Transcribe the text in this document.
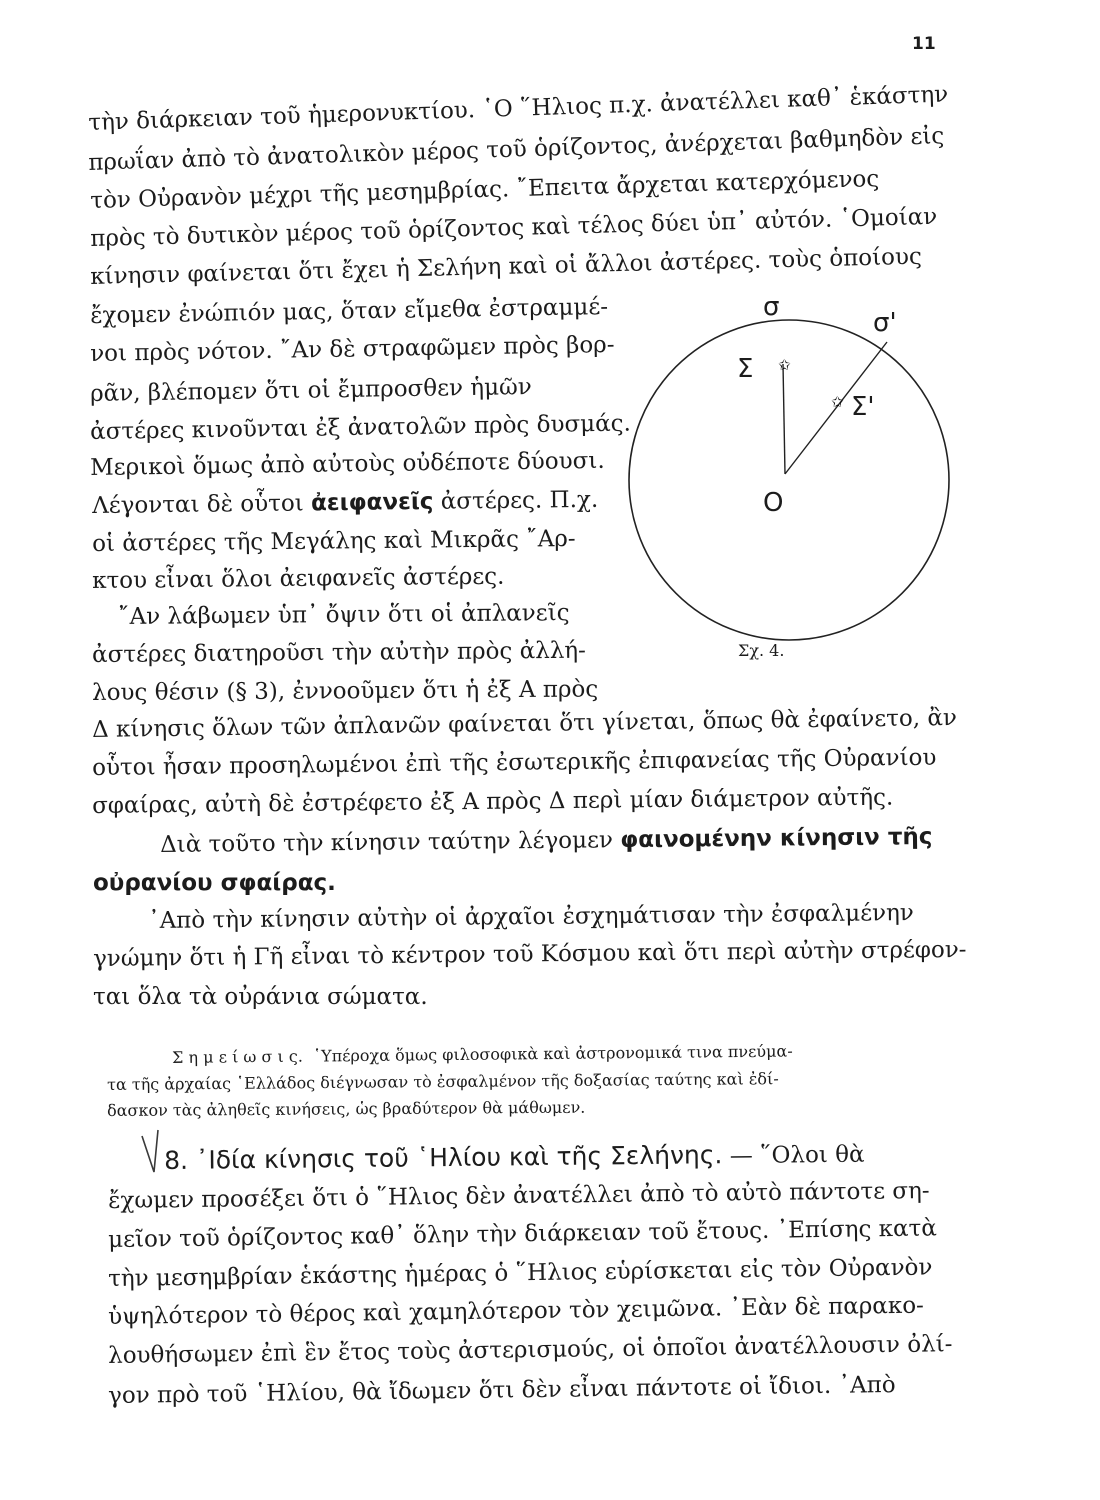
11
τὴν διάρκειαν τοῦ ἡμερονυκτίου. ῾Ο ῞Ηλιος π.χ. ἀνατέλλει καθ᾽ ἑκάστην
πρωΐαν ἀπὸ τὸ ἀνατολικὸν μέρος τοῦ ὁρίζοντος, ἀνέρχεται βαθμηδὸν εἰς
τὸν Οὐρανὸν μέχρι τῆς μεσημβρίας. ῎Επειτα ἄρχεται κατερχόμενος
πρὸς τὸ δυτικὸν μέρος τοῦ ὁρίζοντος καὶ τέλος δύει ὑπ᾽ αὐτόν. ῾Ομοίαν
κίνησιν φαίνεται ὅτι ἔχει ἡ Σελήνη καὶ οἱ ἄλλοι ἀστέρες. τοὺς ὁποίους
ἔχομεν ἐνώπιόν μας, ὅταν εἴμεθα ἐστραμμέ-
νοι πρὸς νότον. ῎Αν δὲ στραφῶμεν πρὸς βορ-
ρᾶν, βλέπομεν ὅτι οἱ ἔμπροσθεν ἡμῶν
ἀστέρες κινοῦνται ἐξ ἀνατολῶν πρὸς δυσμάς.
Μερικοὶ ὅμως ἀπὸ αὐτοὺς οὐδέποτε δύουσι.
Λέγονται δὲ οὗτοι ἀειφανεῖς ἀστέρες. Π.χ.
οἱ ἀστέρες τῆς Μεγάλης καὶ Μικρᾶς ῎Αρ-
κτου εἶναι ὅλοι ἀειφανεῖς ἀστέρες.
῎Αν λάβωμεν ὑπ᾽ ὄψιν ὅτι οἱ ἀπλανεῖς
ἀστέρες διατηροῦσι τὴν αὐτὴν πρὸς ἀλλή-
λους θέσιν (§ 3), ἐννοοῦμεν ὅτι ἡ ἐξ Α πρὸς
Δ κίνησις ὅλων τῶν ἀπλανῶν φαίνεται ὅτι γίνεται, ὅπως θὰ ἐφαίνετο, ἂν
οὗτοι ἦσαν προσηλωμένοι ἐπὶ τῆς ἐσωτερικῆς ἐπιφανείας τῆς Οὐρανίου
σφαίρας, αὐτὴ δὲ ἐστρέφετο ἐξ Α πρὸς Δ περὶ μίαν διάμετρον αὐτῆς.
Διὰ τοῦτο τὴν κίνησιν ταύτην λέγομεν φαινομένην κίνησιν τῆς
οὐρανίου σφαίρας.
᾽Απὸ τὴν κίνησιν αὐτὴν οἱ ἀρχαῖοι ἐσχημάτισαν τὴν ἐσφαλμένην
γνώμην ὅτι ἡ Γῆ εἶναι τὸ κέντρον τοῦ Κόσμου καὶ ὅτι περὶ αὐτὴν στρέφον-
ται ὅλα τὰ οὐράνια σώματα.
Σ η μ ε ί ω σ ι ς. ῾Υπέροχα ὅμως φιλοσοφικὰ καὶ ἀστρονομικά τινα πνεύμα-
τα τῆς ἀρχαίας ῾Ελλάδος διέγνωσαν τὸ ἐσφαλμένον τῆς δοξασίας ταύτης καὶ ἐδί-
δασκον τὰς ἀληθεῖς κινήσεις, ὡς βραδύτερον θὰ μάθωμεν.
8. ᾽Ιδία κίνησις τοῦ ῾Ηλίου καὶ τῆς Σελήνης. — ῞Ολοι θὰ
ἔχωμεν προσέξει ὅτι ὁ ῞Ηλιος δὲν ἀνατέλλει ἀπὸ τὸ αὐτὸ πάντοτε ση-
μεῖον τοῦ ὁρίζοντος καθ᾽ ὅλην τὴν διάρκειαν τοῦ ἔτους. ᾽Επίσης κατὰ
τὴν μεσημβρίαν ἑκάστης ἡμέρας ὁ ῞Ηλιος εὑρίσκεται εἰς τὸν Οὐρανὸν
ὑψηλότερον τὸ θέρος καὶ χαμηλότερον τὸν χειμῶνα. ᾽Εὰν δὲ παρακο-
λουθήσωμεν ἐπὶ ἓν ἔτος τοὺς ἀστερισμούς, οἱ ὁποῖοι ἀνατέλλουσιν ὀλί-
γον πρὸ τοῦ ῾Ηλίου, θὰ ἴδωμεν ὅτι δὲν εἶναι πάντοτε οἱ ἴδιοι. ᾽Απὸ
✩
✩
σ
σ'
Σ
Σ'
O
Σχ. 4.
